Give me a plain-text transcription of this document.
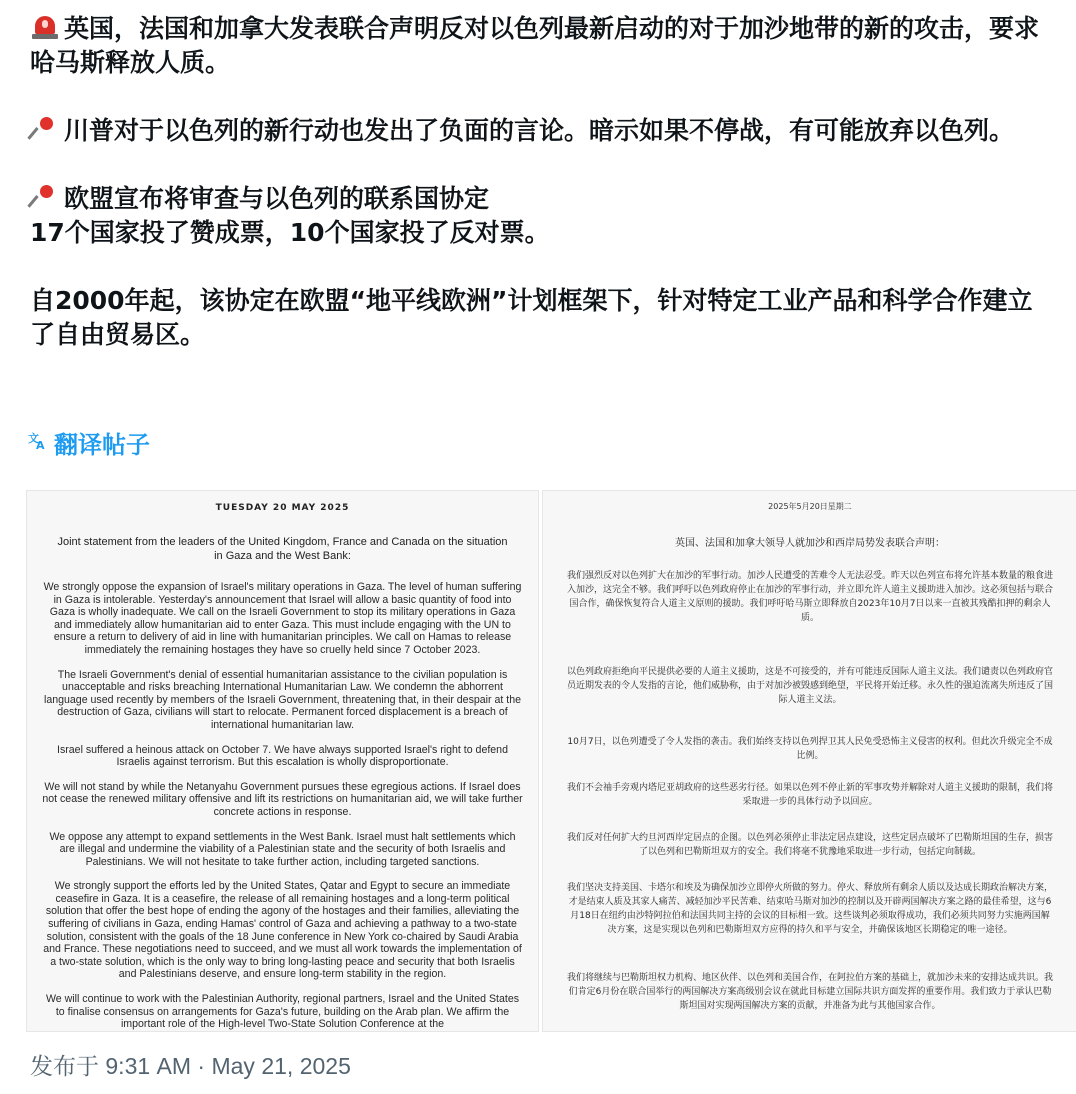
英国，法国和加拿大发表联合声明反对以色列最新启动的对于加沙地带的新的攻击，要求哈马斯释放人质。

川普对于以色列的新行动也发出了负面的言论。暗示如果不停战，有可能放弃以色列。

欧盟宣布将审查与以色列的联系国协定

17个国家投了赞成票，10个国家投了反对票。

自2000年起，该协定在欧盟“地平线欧洲”计划框架下，针对特定工业产品和科学合作建立了自由贸易区。

文
A 翻译帖子
TUESDAY 20 MAY 2025
Joint statement from the leaders of the United Kingdom, France and Canada on the situation in Gaza and the West Bank:

We strongly oppose the expansion of Israel's military operations in Gaza. The level of human suffering in Gaza is intolerable. Yesterday's announcement that Israel will allow a basic quantity of food into Gaza is wholly inadequate. We call on the Israeli Government to stop its military operations in Gaza and immediately allow humanitarian aid to enter Gaza. This must include engaging with the UN to ensure a return to delivery of aid in line with humanitarian principles. We call on Hamas to release immediately the remaining hostages they have so cruelly held since 7 October 2023.

The Israeli Government's denial of essential humanitarian assistance to the civilian population is unacceptable and risks breaching International Humanitarian Law. We condemn the abhorrent language used recently by members of the Israeli Government, threatening that, in their despair at the destruction of Gaza, civilians will start to relocate. Permanent forced displacement is a breach of international humanitarian law.

Israel suffered a heinous attack on October 7. We have always supported Israel's right to defend Israelis against terrorism. But this escalation is wholly disproportionate.

We will not stand by while the Netanyahu Government pursues these egregious actions. If Israel does not cease the renewed military offensive and lift its restrictions on humanitarian aid, we will take further concrete actions in response.

We oppose any attempt to expand settlements in the West Bank. Israel must halt settlements which are illegal and undermine the viability of a Palestinian state and the security of both Israelis and Palestinians. We will not hesitate to take further action, including targeted sanctions.

We strongly support the efforts led by the United States, Qatar and Egypt to secure an immediate ceasefire in Gaza. It is a ceasefire, the release of all remaining hostages and a long-term political solution that offer the best hope of ending the agony of the hostages and their families, alleviating the suffering of civilians in Gaza, ending Hamas' control of Gaza and achieving a pathway to a two-state solution, consistent with the goals of the 18 June conference in New York co-chaired by Saudi Arabia and France. These negotiations need to succeed, and we must all work towards the implementation of a two-state solution, which is the only way to bring long-lasting peace and security that both Israelis and Palestinians deserve, and ensure long-term stability in the region.

We will continue to work with the Palestinian Authority, regional partners, Israel and the United States to finalise consensus on arrangements for Gaza's future, building on the Arab plan. We affirm the important role of the High-level Two-State Solution Conference at the

2025年5月20日星期二
英国、法国和加拿大领导人就加沙和西岸局势发表联合声明：

我们强烈反对以色列扩大在加沙的军事行动。加沙人民遭受的苦难令人无法忍受。昨天以色列宣布将允许基本数量的粮食进入加沙，这完全不够。我们呼吁以色列政府停止在加沙的军事行动，并立即允许人道主义援助进入加沙。这必须包括与联合国合作，确保恢复符合人道主义原则的援助。我们呼吁哈马斯立即释放自2023年10月7日以来一直被其残酷扣押的剩余人质。

以色列政府拒绝向平民提供必要的人道主义援助，这是不可接受的，并有可能违反国际人道主义法。我们谴责以色列政府官员近期发表的令人发指的言论，他们威胁称，由于对加沙被毁感到绝望，平民将开始迁移。永久性的强迫流离失所违反了国际人道主义法。

10月7日，以色列遭受了令人发指的袭击。我们始终支持以色列捍卫其人民免受恐怖主义侵害的权利。但此次升级完全不成比例。

我们不会袖手旁观内塔尼亚胡政府的这些恶劣行径。如果以色列不停止新的军事攻势并解除对人道主义援助的限制，我们将采取进一步的具体行动予以回应。

我们反对任何扩大约旦河西岸定居点的企图。以色列必须停止非法定居点建设，这些定居点破坏了巴勒斯坦国的生存，损害了以色列和巴勒斯坦双方的安全。我们将毫不犹豫地采取进一步行动，包括定向制裁。

我们坚决支持美国、卡塔尔和埃及为确保加沙立即停火所做的努力。停火、释放所有剩余人质以及达成长期政治解决方案，才是结束人质及其家人痛苦、减轻加沙平民苦难、结束哈马斯对加沙的控制以及开辟两国解决方案之路的最佳希望，这与6月18日在纽约由沙特阿拉伯和法国共同主持的会议的目标相一致。这些谈判必须取得成功，我们必须共同努力实施两国解决方案，这是实现以色列和巴勒斯坦双方应得的持久和平与安全，并确保该地区长期稳定的唯一途径。

我们将继续与巴勒斯坦权力机构、地区伙伴、以色列和美国合作，在阿拉伯方案的基础上，就加沙未来的安排达成共识。我们肯定6月份在联合国举行的两国解决方案高级别会议在就此目标建立国际共识方面发挥的重要作用。我们致力于承认巴勒斯坦国对实现两国解决方案的贡献，并准备为此与其他国家合作。

发布于 9:31 AM · May 21, 2025
